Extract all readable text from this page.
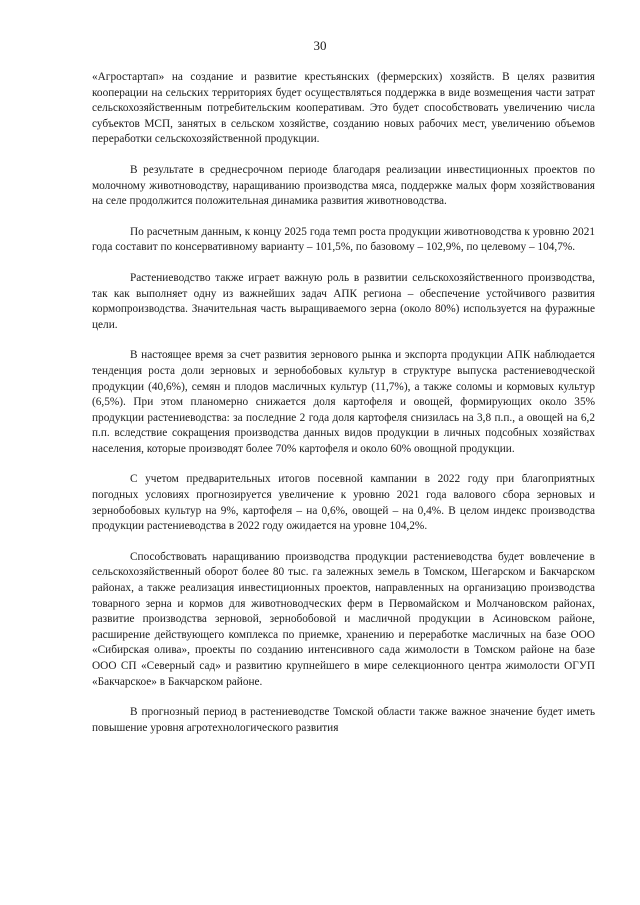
30

«Агростартап» на создание и развитие крестьянских (фермерских) хозяйств. В целях развития кооперации на сельских территориях будет осуществляться поддержка в виде возмещения части затрат сельскохозяйственным потребительским кооперативам. Это будет способствовать увеличению числа субъектов МСП, занятых в сельском хозяйстве, созданию новых рабочих мест, увеличению объемов переработки сельскохозяйственной продукции.

В результате в среднесрочном периоде благодаря реализации инвестиционных проектов по молочному животноводству, наращиванию производства мяса, поддержке малых форм хозяйствования на селе продолжится положительная динамика развития животноводства.

По расчетным данным, к концу 2025 года темп роста продукции животноводства к уровню 2021 года составит по консервативному варианту – 101,5%, по базовому – 102,9%, по целевому – 104,7%.

Растениеводство также играет важную роль в развитии сельскохозяйственного производства, так как выполняет одну из важнейших задач АПК региона – обеспечение устойчивого развития кормопроизводства. Значительная часть выращиваемого зерна (около 80%) используется на фуражные цели.

В настоящее время за счет развития зернового рынка и экспорта продукции АПК наблюдается тенденция роста доли зерновых и зернобобовых культур в структуре выпуска растениеводческой продукции (40,6%), семян и плодов масличных культур (11,7%), а также соломы и кормовых культур (6,5%). При этом планомерно снижается доля картофеля и овощей, формирующих около 35% продукции растениеводства: за последние 2 года доля картофеля снизилась на 3,8 п.п., а овощей на 6,2 п.п. вследствие сокращения производства данных видов продукции в личных подсобных хозяйствах населения, которые производят более 70% картофеля и около 60% овощной продукции.

С учетом предварительных итогов посевной кампании в 2022 году при благоприятных погодных условиях прогнозируется увеличение к уровню 2021 года валового сбора зерновых и зернобобовых культур на 9%, картофеля – на 0,6%, овощей – на 0,4%. В целом индекс производства продукции растениеводства в 2022 году ожидается на уровне 104,2%.

Способствовать наращиванию производства продукции растениеводства будет вовлечение в сельскохозяйственный оборот более 80 тыс. га залежных земель в Томском, Шегарском и Бакчарском районах, а также реализация инвестиционных проектов, направленных на организацию производства товарного зерна и кормов для животноводческих ферм в Первомайском и Молчановском районах, развитие производства зерновой, зернобобовой и масличной продукции в Асиновском районе, расширение действующего комплекса по приемке, хранению и переработке масличных на базе ООО «Сибирская олива», проекты по созданию интенсивного сада жимолости в Томском районе на базе ООО СП «Северный сад» и развитию крупнейшего в мире селекционного центра жимолости ОГУП «Бакчарское» в Бакчарском районе.

В прогнозный период в растениеводстве Томской области также важное значение будет иметь повышение уровня агротехнологического развития
